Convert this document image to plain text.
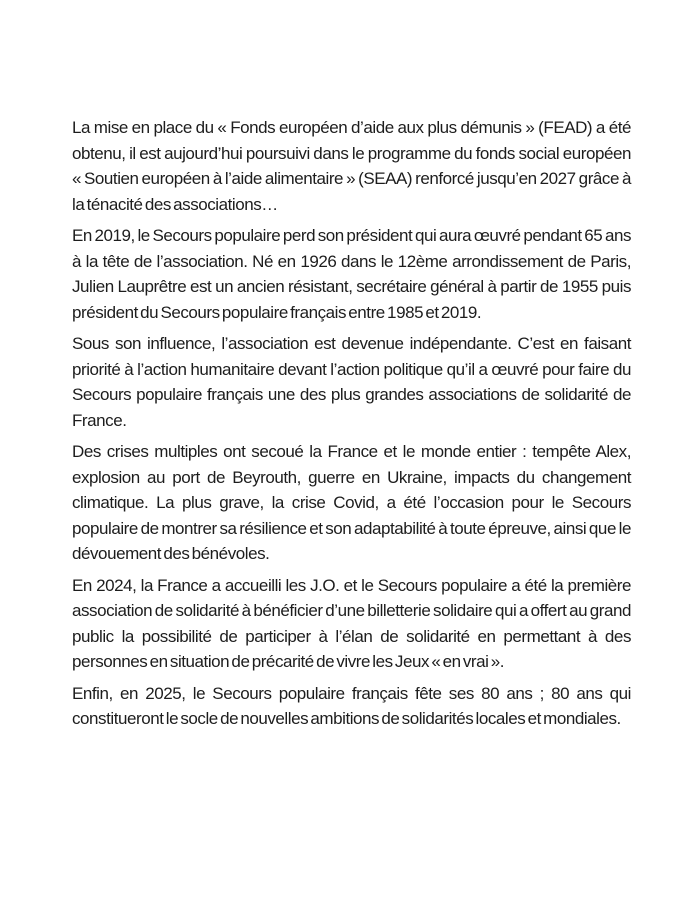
La mise en place du « Fonds européen d’aide aux plus démunis » (FEAD) a été obtenu, il est aujourd’hui poursuivi dans le programme du fonds social européen « Soutien européen à l’aide alimentaire » (SEAA) renforcé jusqu’en 2027 grâce à la ténacité des associations…

En 2019, le Secours populaire perd son président qui aura œuvré pendant 65 ans à la tête de l’association. Né en 1926 dans le 12ème arrondissement de Paris, Julien Lauprêtre est un ancien résistant, secrétaire général à partir de 1955 puis président du Secours populaire français entre 1985 et 2019.

Sous son influence, l’association est devenue indépendante. C’est en faisant priorité à l’action humanitaire devant l’action politique qu’il a œuvré pour faire du Secours populaire français une des plus grandes associations de solidarité de France.

Des crises multiples ont secoué la France et le monde entier : tempête Alex, explosion au port de Beyrouth, guerre en Ukraine, impacts du changement climatique. La plus grave, la crise Covid, a été l’occasion pour le Secours populaire de montrer sa résilience et son adaptabilité à toute épreuve, ainsi que le dévouement des bénévoles.

En 2024, la France a accueilli les J.O. et le Secours populaire a été la première association de solidarité à bénéficier d’une billetterie solidaire qui a offert au grand public la possibilité de participer à l’élan de solidarité en permettant à des personnes en situation de précarité de vivre les Jeux « en vrai ».

Enfin, en 2025, le Secours populaire français fête ses 80 ans ; 80 ans qui constitueront le socle de nouvelles ambitions de solidarités locales et mondiales.
